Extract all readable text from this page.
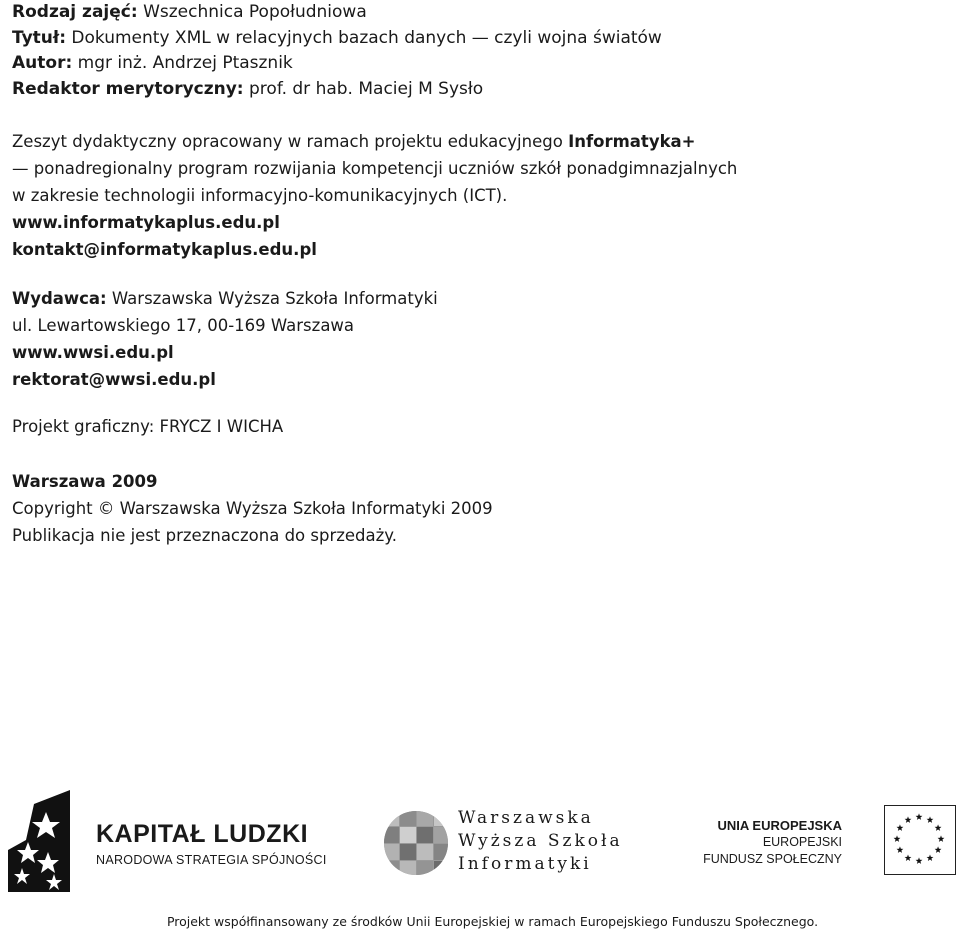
Rodzaj zajęć: Wszechnica Popołudniowa
Tytuł: Dokumenty XML w relacyjnych bazach danych — czyli wojna światów
Autor: mgr inż. Andrzej Ptasznik
Redaktor merytoryczny: prof. dr hab. Maciej M Sysło
Zeszyt dydaktyczny opracowany w ramach projektu edukacyjnego Informatyka+
— ponadregionalny program rozwijania kompetencji uczniów szkół ponadgimnazjalnych
w zakresie technologii informacyjno-komunikacyjnych (ICT).
www.informatykaplus.edu.pl
kontakt@informatykaplus.edu.pl
Wydawca: Warszawska Wyższa Szkoła Informatyki
ul. Lewartowskiego 17, 00-169 Warszawa
www.wwsi.edu.pl
rektorat@wwsi.edu.pl
Projekt graficzny: FRYCZ I WICHA
Warszawa 2009
Copyright © Warszawska Wyższa Szkoła Informatyki 2009
Publikacja nie jest przeznaczona do sprzedaży.
KAPITAŁ LUDZKI
NARODOWA STRATEGIA SPÓJNOŚCI
Warszawska
Wyższa Szkoła
Informatyki
UNIA EUROPEJSKA
EUROPEJSKI
FUNDUSZ SPOŁECZNY
Projekt współfinansowany ze środków Unii Europejskiej w ramach Europejskiego Funduszu Społecznego.
